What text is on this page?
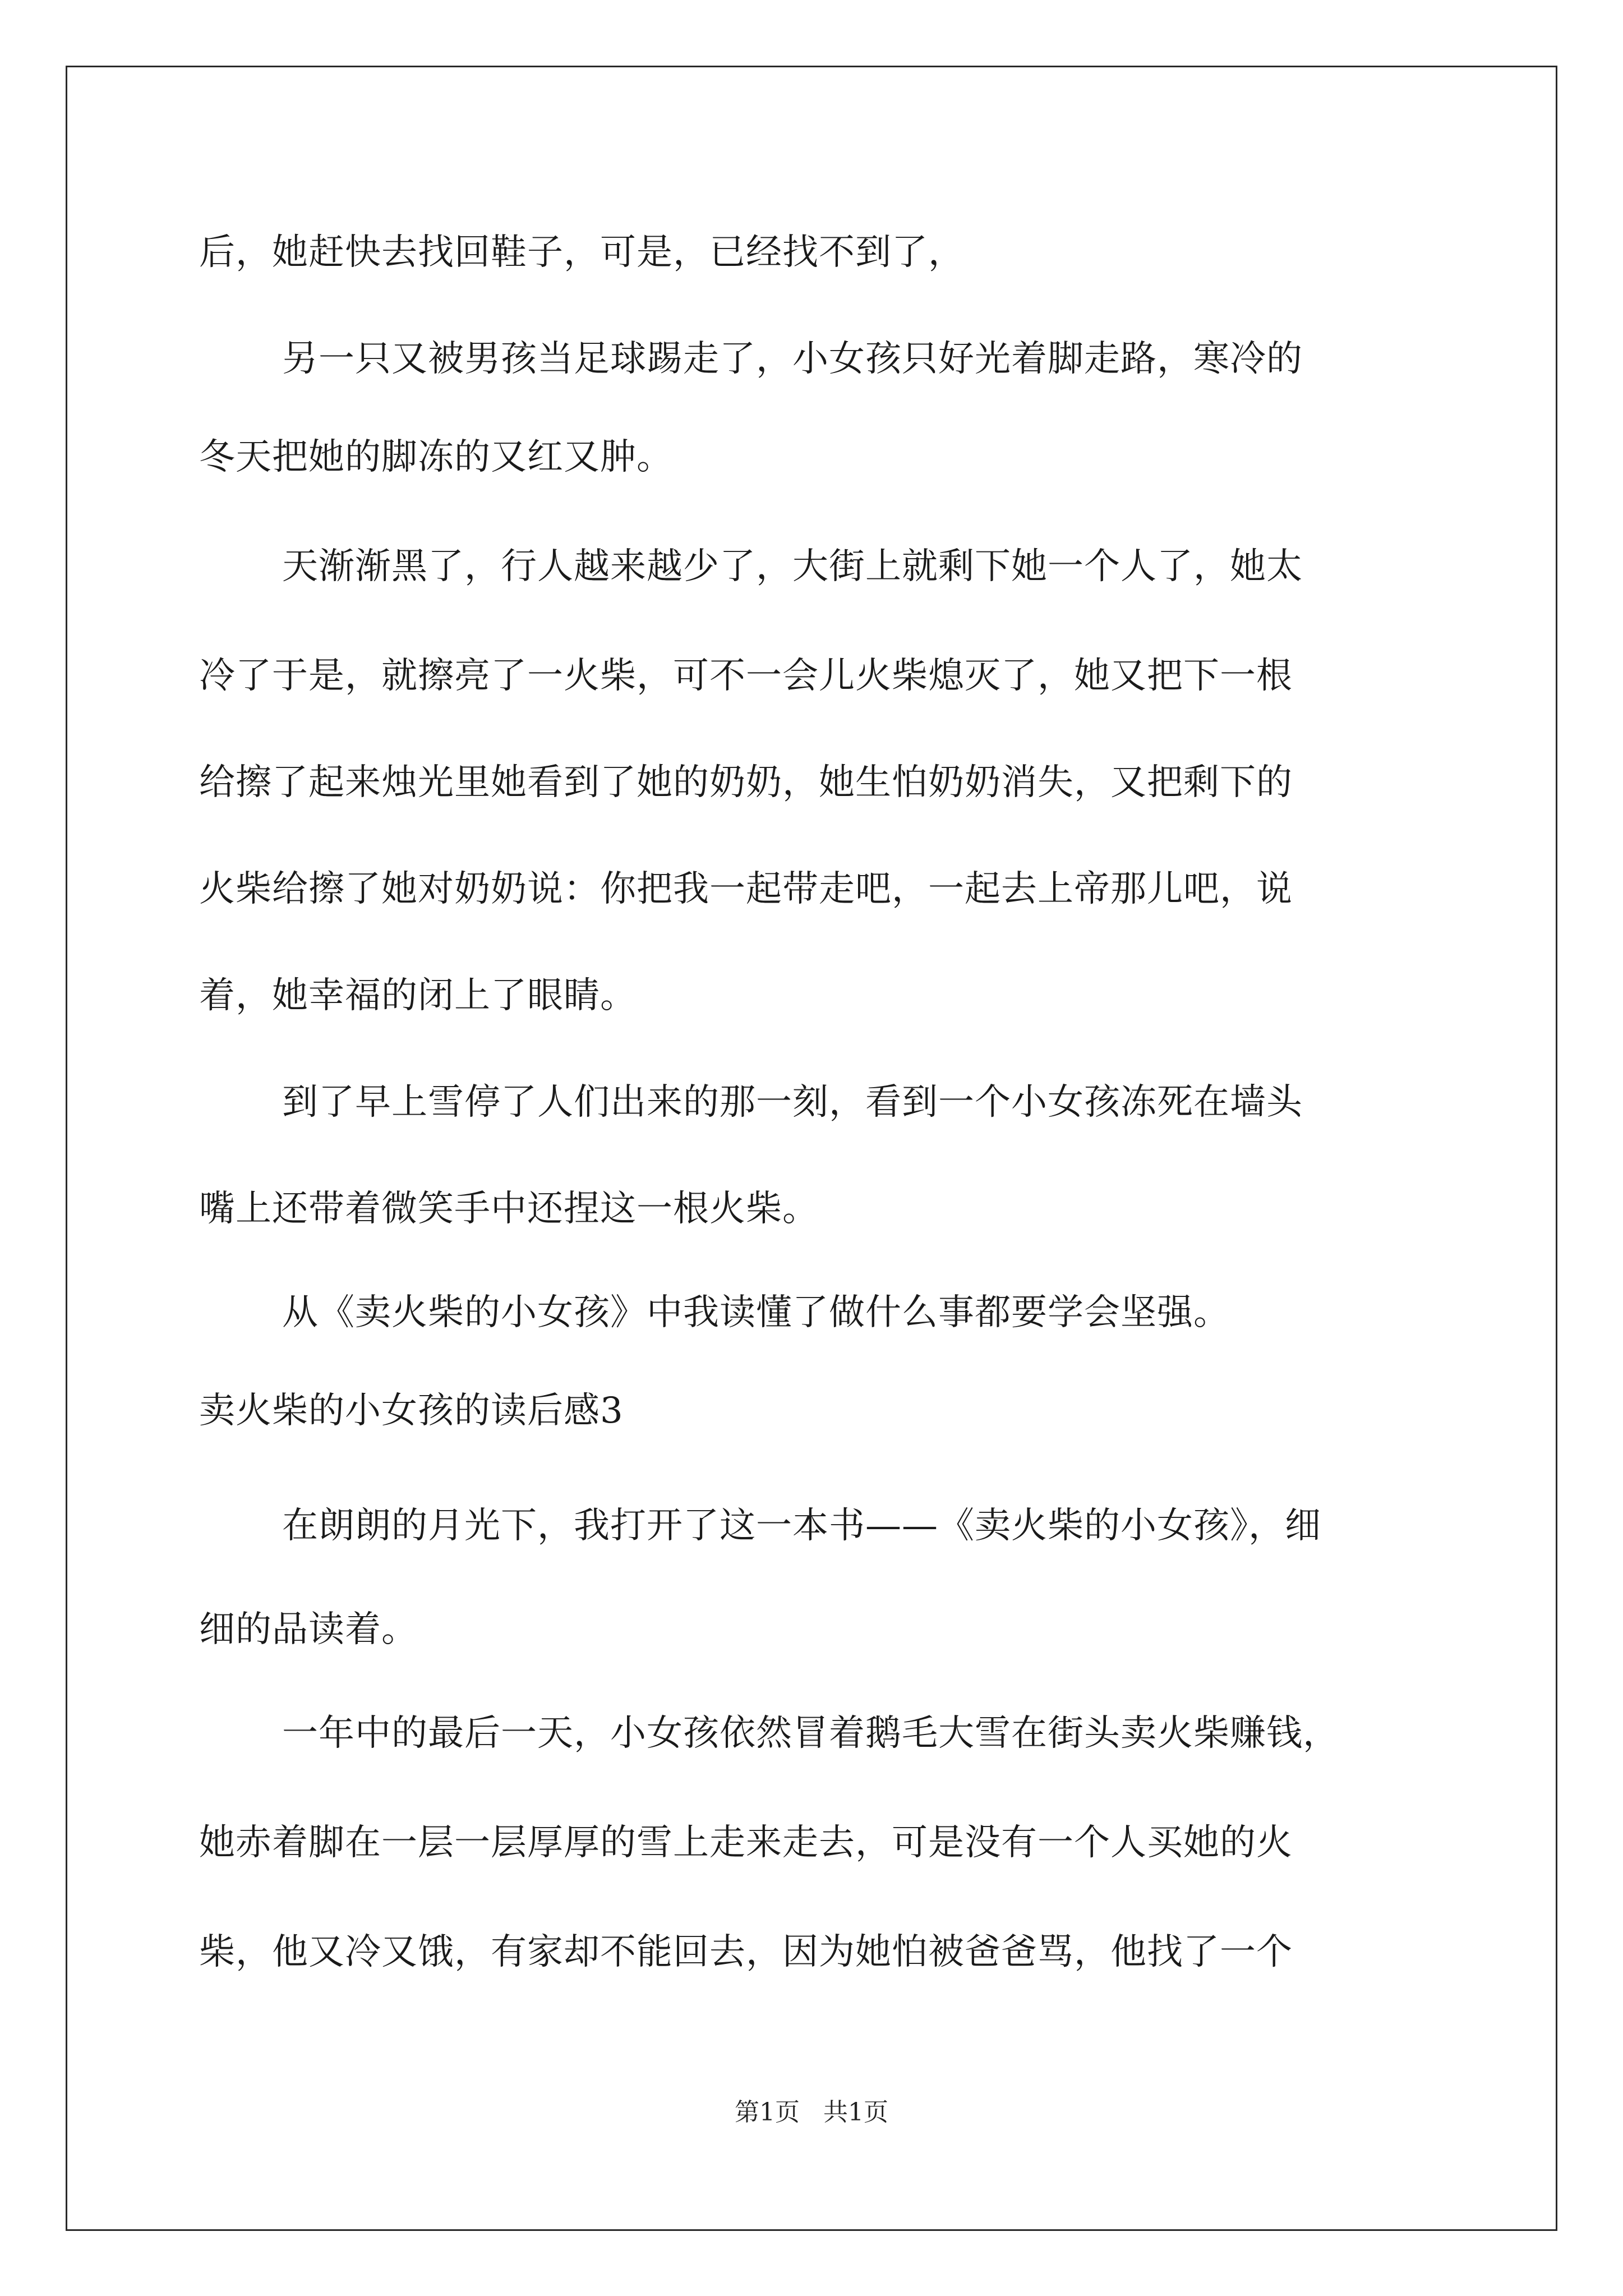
后，她赶快去找回鞋子，可是，已经找不到了，
另一只又被男孩当足球踢走了，小女孩只好光着脚走路，寒冷的
冬天把她的脚冻的又红又肿。
天渐渐黑了，行人越来越少了，大街上就剩下她一个人了，她太
冷了于是，就擦亮了一火柴，可不一会儿火柴熄灭了，她又把下一根
给擦了起来烛光里她看到了她的奶奶，她生怕奶奶消失，又把剩下的
火柴给擦了她对奶奶说：你把我一起带走吧，一起去上帝那儿吧，说
着，她幸福的闭上了眼睛。
到了早上雪停了人们出来的那一刻，看到一个小女孩冻死在墙头
嘴上还带着微笑手中还捏这一根火柴。
从《卖火柴的小女孩》中我读懂了做什么事都要学会坚强。
卖火柴的小女孩的读后感3
在朗朗的月光下，我打开了这一本书——《卖火柴的小女孩》，细
细的品读着。
一年中的最后一天，小女孩依然冒着鹅毛大雪在街头卖火柴赚钱，
她赤着脚在一层一层厚厚的雪上走来走去，可是没有一个人买她的火
柴，他又冷又饿，有家却不能回去，因为她怕被爸爸骂，他找了一个
第1页 共1页
